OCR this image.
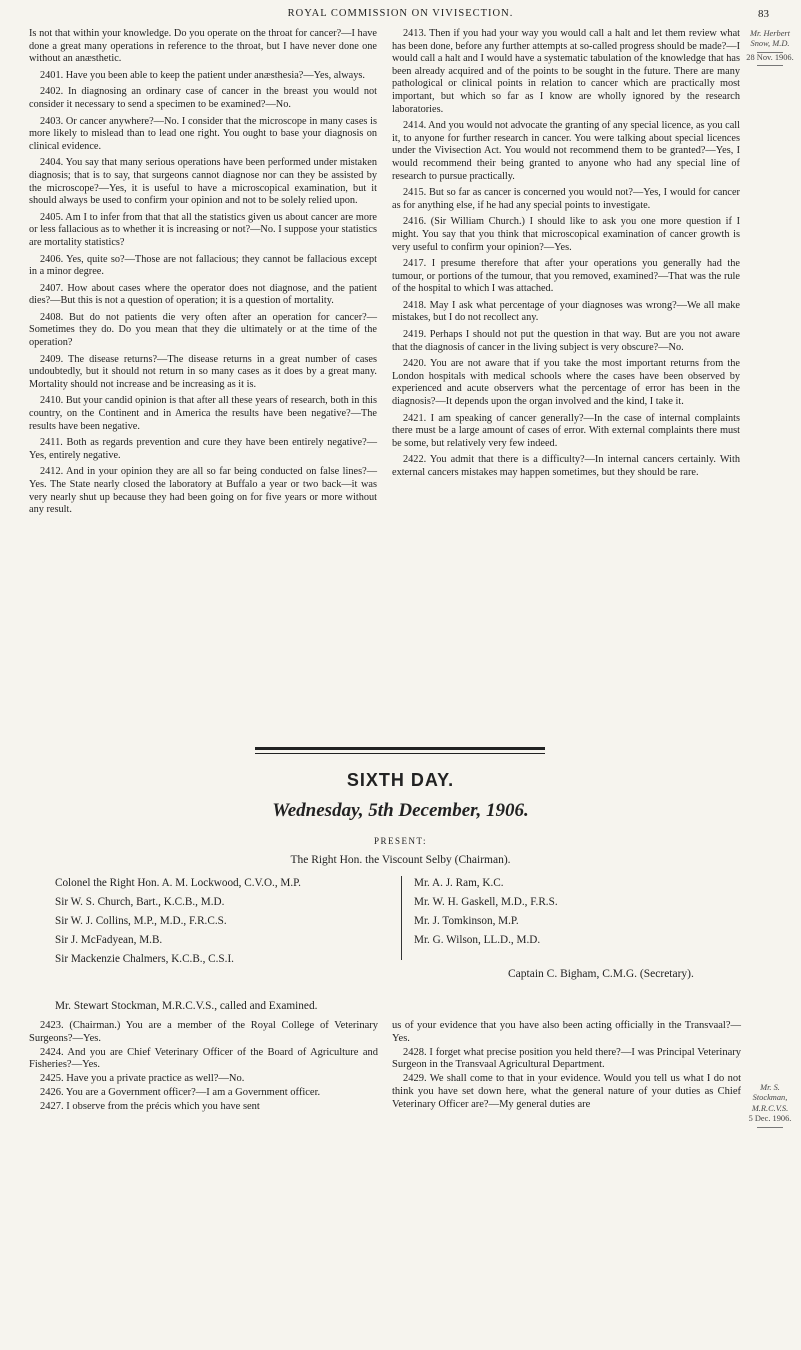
ROYAL COMMISSION ON VIVISECTION.	83

Is not that within your knowledge. Do you operate on the throat for cancer?—I have done a great many operations in reference to the throat, but I have never done one without an anæsthetic.

2401. Have you been able to keep the patient under anæsthesia?—Yes, always.

2402. In diagnosing an ordinary case of cancer in the breast you would not consider it necessary to send a specimen to be examined?—No.

2403. Or cancer anywhere?—No. I consider that the microscope in many cases is more likely to mislead than to lead one right. You ought to base your diagnosis on clinical evidence.

2404. You say that many serious operations have been performed under mistaken diagnosis; that is to say, that surgeons cannot diagnose nor can they be assisted by the microscope?—Yes, it is useful to have a microscopical examination, but it should always be used to confirm your opinion and not to be solely relied upon.

2405. Am I to infer from that that all the statistics given us about cancer are more or less fallacious as to whether it is increasing or not?—No. I suppose your statistics are mortality statistics?

2406. Yes, quite so?—Those are not fallacious; they cannot be fallacious except in a minor degree.

2407. How about cases where the operator does not diagnose, and the patient dies?—But this is not a question of operation; it is a question of mortality.

2408. But do not patients die very often after an operation for cancer?—Sometimes they do. Do you mean that they die ultimately or at the time of the operation?

2409. The disease returns?—The disease returns in a great number of cases undoubtedly, but it should not return in so many cases as it does by a great many. Mortality should not increase and be increasing as it is.

2410. But your candid opinion is that after all these years of research, both in this country, on the Continent and in America the results have been negative?—The results have been negative.

2411. Both as regards prevention and cure they have been entirely negative?—Yes, entirely negative.

2412. And in your opinion they are all so far being conducted on false lines?—Yes. The State nearly closed the laboratory at Buffalo a year or two back—it was very nearly shut up because they had been going on for five years or more without any result.

2413. Then if you had your way you would call a halt and let them review what has been done, before any further attempts at so-called progress should be made?—I would call a halt and I would have a systematic tabulation of the knowledge that has been already acquired and of the points to be sought in the future. There are many pathological or clinical points in relation to cancer which are practically most important, but which so far as I know are wholly ignored by the research laboratories.

2414. And you would not advocate the granting of any special licence, as you call it, to anyone for further research in cancer. You were talking about special licences under the Vivisection Act. You would not recommend them to be granted?—Yes, I would recommend their being granted to anyone who had any special line of research to pursue practically.

2415. But so far as cancer is concerned you would not?—Yes, I would for cancer as for anything else, if he had any special points to investigate.

2416. (Sir William Church.) I should like to ask you one more question if I might. You say that you think that microscopical examination of cancer growth is very useful to confirm your opinion?—Yes.

2417. I presume therefore that after your operations you generally had the tumour, or portions of the tumour, that you removed, examined?—That was the rule of the hospital to which I was attached.

2418. May I ask what percentage of your diagnoses was wrong?—We all make mistakes, but I do not recollect any.

2419. Perhaps I should not put the question in that way. But are you not aware that the diagnosis of cancer in the living subject is very obscure?—No.

2420. You are not aware that if you take the most important returns from the London hospitals with medical schools where the cases have been observed by experienced and acute observers what the percentage of error has been in the diagnosis?—It depends upon the organ involved and the kind, I take it.

2421. I am speaking of cancer generally?—In the case of internal complaints there must be a large amount of cases of error. With external complaints there must be some, but relatively very few indeed.

2422. You admit that there is a difficulty?—In internal cancers certainly. With external cancers mistakes may happen sometimes, but they should be rare.

Mr. Herbert Snow, M.D.
28 Nov. 1906.
SIXTH DAY.
Wednesday, 5th December, 1906.
PRESENT:
The Right Hon. the Viscount Selby (Chairman).
Colonel the Right Hon. A. M. Lockwood, C.V.O., M.P.
Sir W. S. Church, Bart., K.C.B., M.D.
Sir W. J. Collins, M.P., M.D., F.R.C.S.
Sir J. McFadyean, M.B.
Sir Mackenzie Chalmers, K.C.B., C.S.I.
Mr. A. J. Ram, K.C.
Mr. W. H. Gaskell, M.D., F.R.S.
Mr. J. Tomkinson, M.P.
Mr. G. Wilson, LL.D., M.D.
Captain C. Bigham, C.M.G. (Secretary).
Mr. Stewart Stockman, M.R.C.V.S., called and Examined.

2423. (Chairman.) You are a member of the Royal College of Veterinary Surgeons?—Yes.

2424. And you are Chief Veterinary Officer of the Board of Agriculture and Fisheries?—Yes.

2425. Have you a private practice as well?—No.

2426. You are a Government officer?—I am a Government officer.

2427. I observe from the précis which you have sent

us of your evidence that you have also been acting officially in the Transvaal?—Yes.

2428. I forget what precise position you held there?—I was Principal Veterinary Surgeon in the Transvaal Agricultural Department.

2429. We shall come to that in your evidence. Would you tell us what I do not think you have set down here, what the general nature of your duties as Chief Veterinary Officer are?—My general duties are

Mr. S. Stockman, M.R.C.V.S.
5 Dec. 1906.
